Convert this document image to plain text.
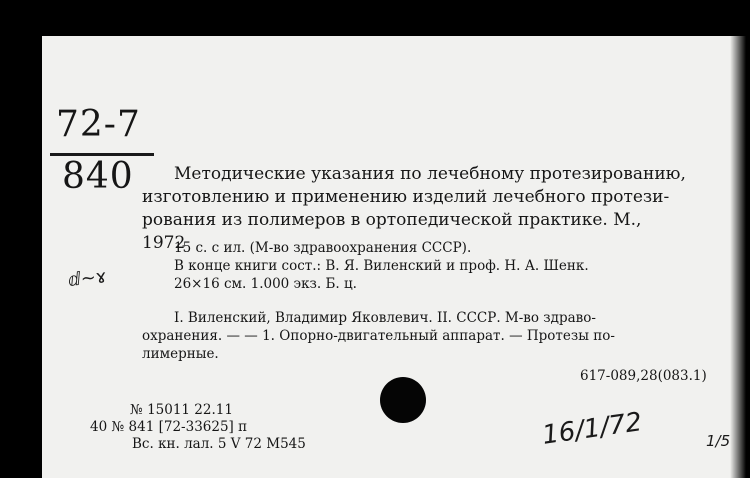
72-7
840 Методические указания по лечебному протезированию,
изготовлению и применению изделий лечебного протези-
рования из полимеров в ортопедической практике. М.,
1972
ⅆ~ɤ
15 с. с ил. (М-во здравоохранения СССР).
В конце книги сост.: В. Я. Виленский и проф. Н. А. Шенк.
26×16 см. 1.000 экз. Б. ц.
I. Виленский, Владимир Яковлевич. II. СССР. М-во здраво-
охранения. — — 1. Опорно-двигательный аппарат. — Протезы по-
лимерные.
617-089,28(083.1)
№ 15011 22.11
40 № 841 [72-33625] п
Вс. кн. лал. 5 V 72 М545	16/1/72	1/5
